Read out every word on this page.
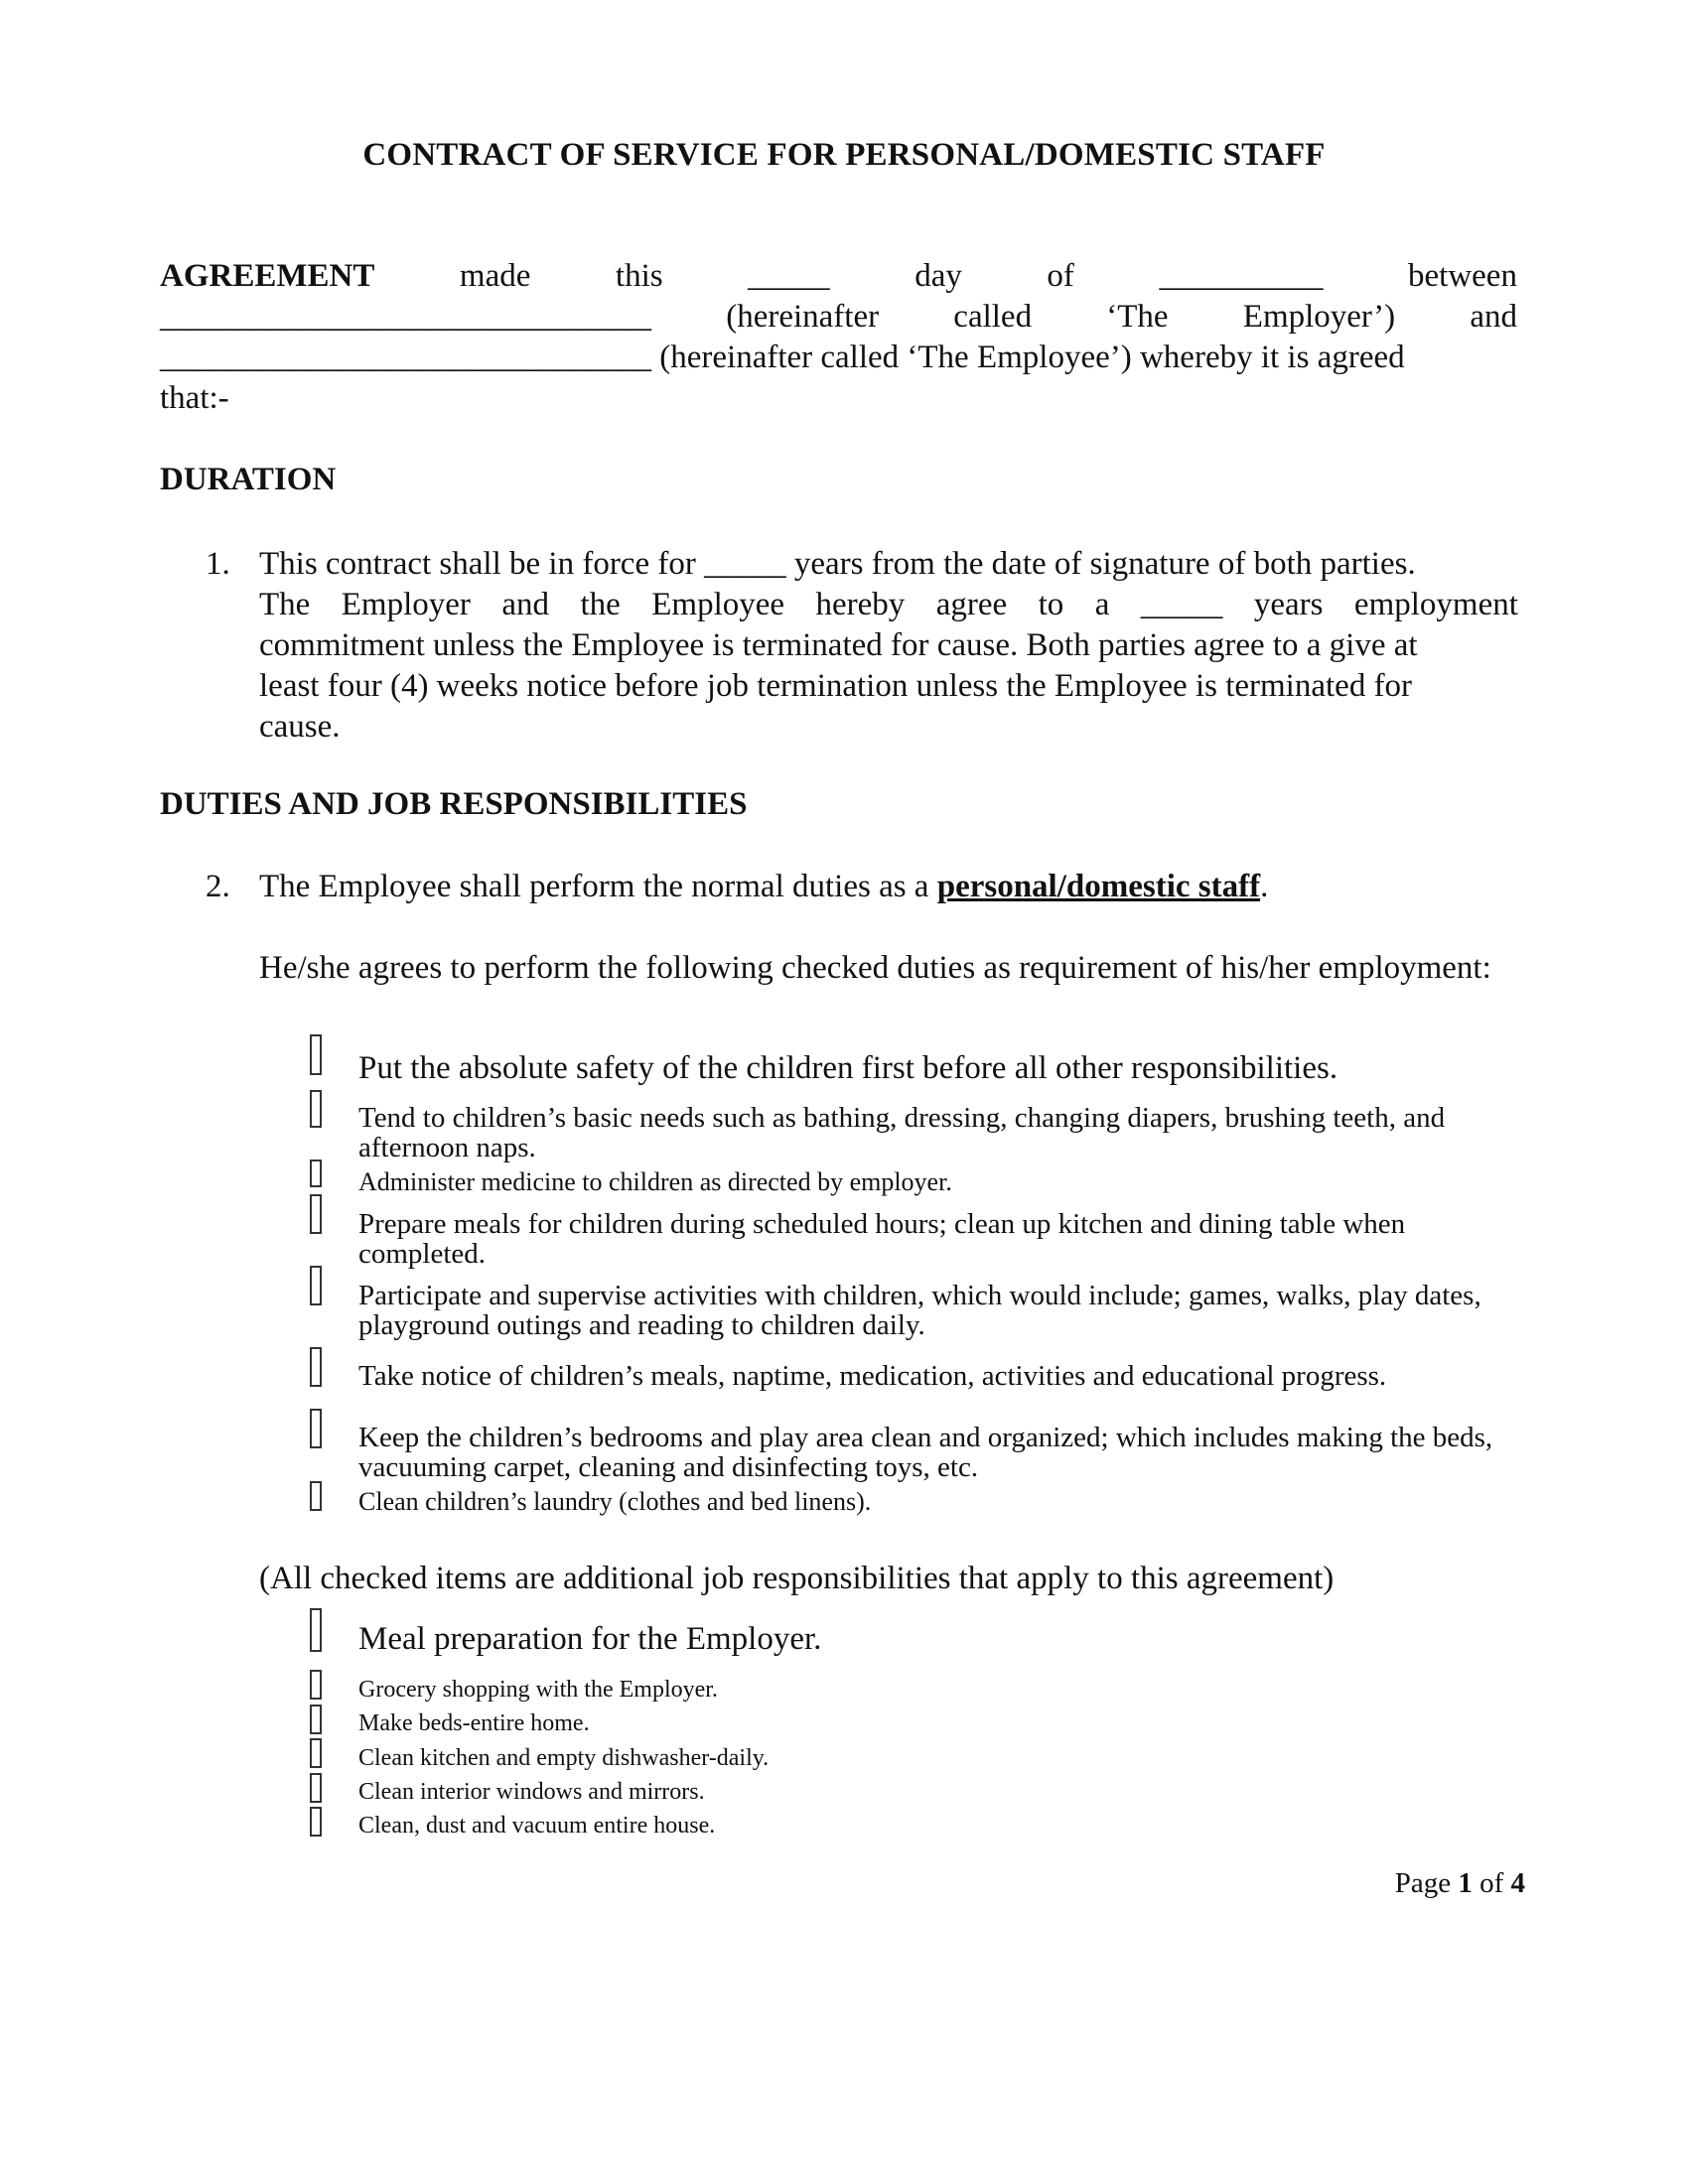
CONTRACT OF SERVICE FOR PERSONAL/DOMESTIC STAFF
AGREEMENT	made	this	_____	day	of	__________	between
______________________________ (hereinafter called ‘The Employer’) and
______________________________ (hereinafter called ‘The Employee’) whereby it is agreed
that:-
DURATION
1. This contract shall be in force for _____ years from the date of signature of both parties.
The Employer and the Employee hereby agree to a _____ years employment
commitment unless the Employee is terminated for cause. Both parties agree to a give at
least four (4) weeks notice before job termination unless the Employee is terminated for
cause.
DUTIES AND JOB RESPONSIBILITIES
2. The Employee shall perform the normal duties as a personal/domestic staff.
He/she agrees to perform the following checked duties as requirement of his/her employment:
Put the absolute safety of the children first before all other responsibilities.
Tend to children’s basic needs such as bathing, dressing, changing diapers, brushing teeth, and afternoon naps.
Administer medicine to children as directed by employer.
Prepare meals for children during scheduled hours; clean up kitchen and dining table when completed.
Participate and supervise activities with children, which would include; games, walks, play dates, playground outings and reading to children daily.
Take notice of children’s meals, naptime, medication, activities and educational progress.
Keep the children’s bedrooms and play area clean and organized; which includes making the beds, vacuuming carpet, cleaning and disinfecting toys, etc.
Clean children’s laundry (clothes and bed linens).
(All checked items are additional job responsibilities that apply to this agreement)
Meal preparation for the Employer.
Grocery shopping with the Employer.
Make beds-entire home.
Clean kitchen and empty dishwasher-daily.
Clean interior windows and mirrors.
Clean, dust and vacuum entire house.
Page 1 of 4
